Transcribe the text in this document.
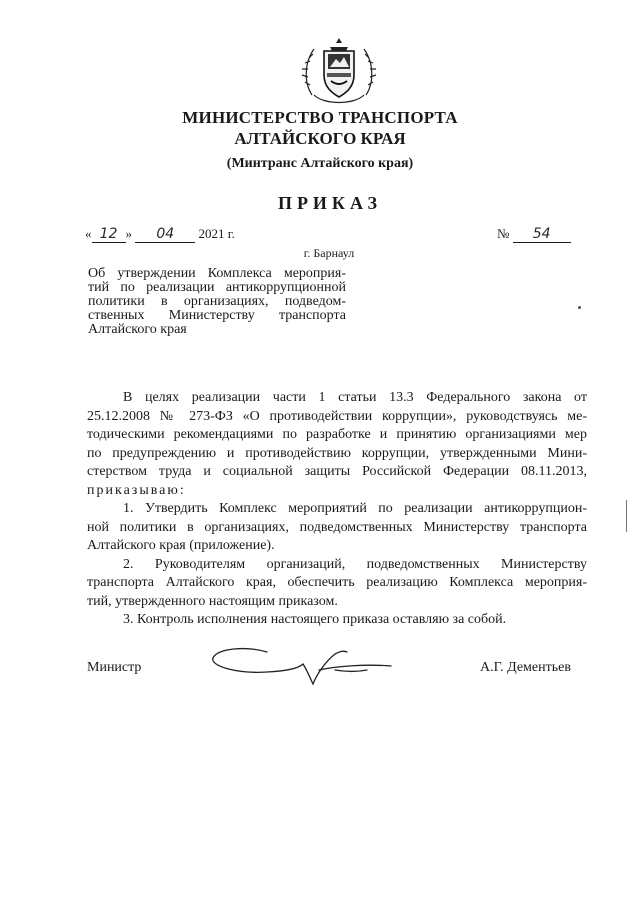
МИНИСТЕРСТВО ТРАНСПОРТА
АЛТАЙСКОГО КРАЯ
(Минтранс Алтайского края)
ПРИКАЗ
« 12 » 04 2021 г.	№ 54
г. Барнаул
Об утверждении Комплекса мероприя-
тий по реализации антикоррупционной
политики в организациях, подведом-
ственных Министерству транспорта
Алтайского края
В целях реализации части 1 статьи 13.3 Федерального закона от
25.12.2008 № 273-ФЗ «О противодействии коррупции», руководствуясь ме-
тодическими рекомендациями по разработке и принятию организациями мер
по предупреждению и противодействию коррупции, утвержденными Мини-
стерством труда и социальной защиты Российской Федерации 08.11.2013,
приказываю:
1. Утвердить Комплекс мероприятий по реализации антикоррупцион-
ной политики в организациях, подведомственных Министерству транспорта
Алтайского края (приложение).
2. Руководителям организаций, подведомственных Министерству
транспорта Алтайского края, обеспечить реализацию Комплекса мероприя-
тий, утвержденного настоящим приказом.
3. Контроль исполнения настоящего приказа оставляю за собой.
Министр	А.Г. Дементьев
